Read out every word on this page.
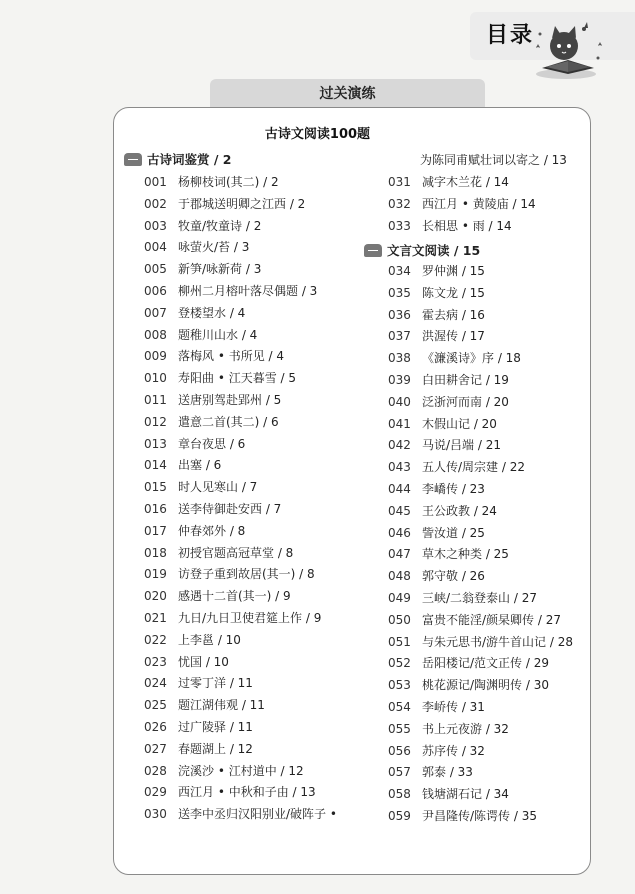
目录
过关演练
古诗文阅读100题
古诗词鉴赏 / 2
001 杨柳枝词(其二) / 2
002 于郡城送明卿之江西 / 2
003 牧童/牧童诗 / 2
004 咏萤火/苔 / 3
005 新笋/咏新荷 / 3
006 柳州二月榕叶落尽偶题 / 3
007 登楼望水 / 4
008 题稚川山水 / 4
009 落梅风 • 书所见 / 4
010 寿阳曲 • 江天暮雪 / 5
011 送唐别驾赴郢州 / 5
012 遣意二首(其二) / 6
013 章台夜思 / 6
014 出塞 / 6
015 时人见寒山 / 7
016 送李侍御赴安西 / 7
017 仲春郊外 / 8
018 初授官题高冠草堂 / 8
019 访登子重到故居(其一) / 8
020 感遇十二首(其一) / 9
021 九日/九日卫使君筵上作 / 9
022 上李邕 / 10
023 忧国 / 10
024 过零丁洋 / 11
025 题江湖伟观 / 11
026 过广陵驿 / 11
027 春题湖上 / 12
028 浣溪沙 • 江村道中 / 12
029 西江月 • 中秋和子由 / 13
030 送李中丞归汉阳别业/破阵子 •
为陈同甫赋壮词以寄之 / 13
031 减字木兰花 / 14
032 西江月 • 黄陵庙 / 14
033 长相思 • 雨 / 14
文言文阅读 / 15
034 罗仲渊 / 15
035 陈文龙 / 15
036 霍去病 / 16
037 洪渥传 / 17
038 《濂溪诗》序 / 18
039 白田耕舍记 / 19
040 泛浙河而南 / 20
041 木假山记 / 20
042 马说/吕端 / 21
043 五人传/周宗建 / 22
044 李嶠传 / 23
045 王公政教 / 24
046 訾汝道 / 25
047 草木之种类 / 25
048 郭守敬 / 26
049 三峡/二翁登泰山 / 27
050 富贵不能淫/颜杲卿传 / 27
051 与朱元思书/游牛首山记 / 28
052 岳阳楼记/范文正传 / 29
053 桃花源记/陶渊明传 / 30
054 李峤传 / 31
055 书上元夜游 / 32
056 苏序传 / 32
057 郭泰 / 33
058 钱塘湖石记 / 34
059 尹昌隆传/陈谔传 / 35
